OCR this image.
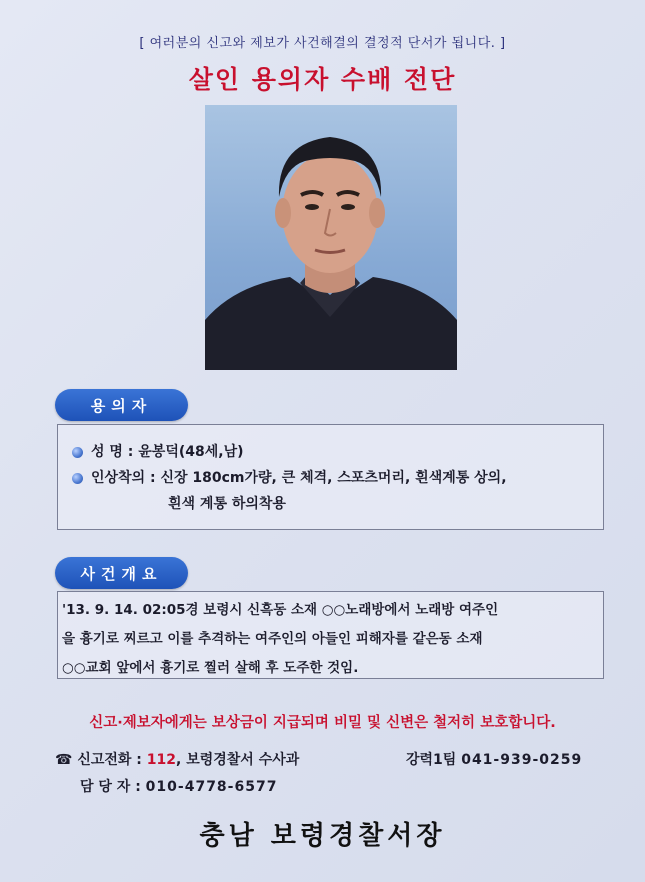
[ 여러분의 신고와 제보가 사건해결의 결정적 단서가 됩니다. ]
살인 용의자 수배 전단
용의자
성 명 : 윤봉덕(48세,남)
인상착의 : 신장 180cm가량, 큰 체격, 스포츠머리, 흰색계통 상의,
흰색 계통 하의착용
사건개요
'13. 9. 14. 02:05경 보령시 신흑동 소재 ○○노래방에서 노래방 여주인
을 흉기로 찌르고 이를 추격하는 여주인의 아들인 피해자를 같은동 소재
○○교회 앞에서 흉기로 찔러 살해 후 도주한 것임.
신고·제보자에게는 보상금이 지급되며 비밀 및 신변은 철저히 보호합니다.
☎ 신고전화 : 112, 보령경찰서 수사과	강력1팀 041-939-0259
담 당 자 : 010-4778-6577
충남 보령경찰서장
